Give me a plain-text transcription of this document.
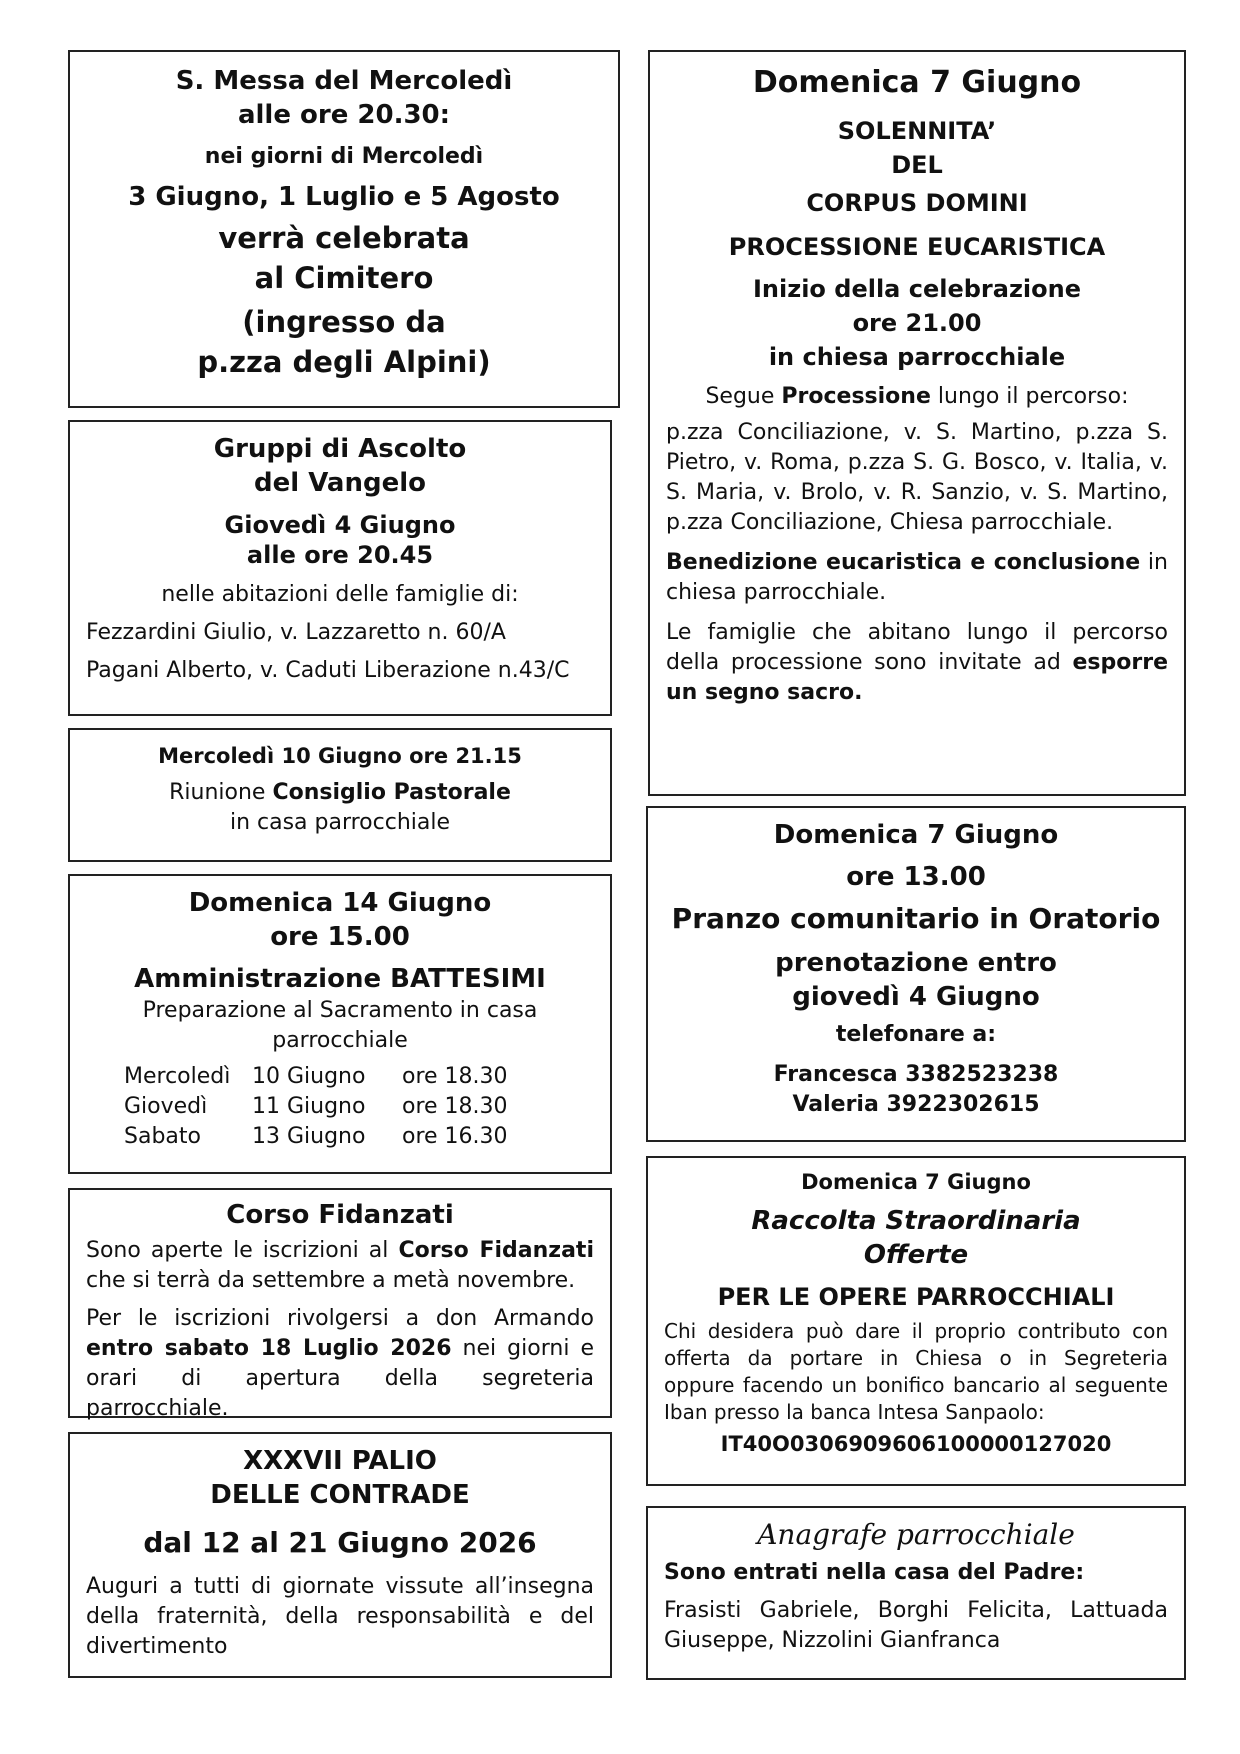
S. Messa del Mercoledì

alle ore 20.30:

nei giorni di Mercoledì

3 Giugno, 1 Luglio e 5 Agosto

verrà celebrata

al Cimitero

(ingresso da

p.zza degli Alpini)

Gruppi di Ascolto

del Vangelo

Giovedì 4 Giugno

alle ore 20.45

nelle abitazioni delle famiglie di:

Fezzardini Giulio, v. Lazzaretto n. 60/A

Pagani Alberto, v. Caduti Liberazione n.43/C

Mercoledì 10 Giugno ore 21.15

Riunione Consiglio Pastorale

in casa parrocchiale

Domenica 14 Giugno

ore 15.00

Amministrazione BATTESIMI

Preparazione al Sacramento in casa parrocchiale

Mercoledì 10 Giugno ore 18.30
Giovedì 11 Giugno ore 18.30
Sabato 13 Giugno ore 16.30

Corso Fidanzati

Sono aperte le iscrizioni al Corso Fidanzati che si terrà da settembre a metà novembre.

Per le iscrizioni rivolgersi a don Armando entro sabato 18 Luglio 2026 nei giorni e orari di apertura della segreteria parrocchiale.

XXXVII PALIO

DELLE CONTRADE

dal 12 al 21 Giugno 2026

Auguri a tutti di giornate vissute all’insegna della fraternità, della responsabilità e del divertimento

Domenica 7 Giugno

SOLENNITA’

DEL

CORPUS DOMINI

PROCESSIONE EUCARISTICA

Inizio della celebrazione

ore 21.00

in chiesa parrocchiale

Segue Processione lungo il percorso:

p.zza Conciliazione, v. S. Martino, p.zza S. Pietro, v. Roma, p.zza S. G. Bosco, v. Italia, v. S. Maria, v. Brolo, v. R. Sanzio, v. S. Martino, p.zza Conciliazione, Chiesa parrocchiale.

Benedizione eucaristica e conclusione in chiesa parrocchiale.

Le famiglie che abitano lungo il percorso della processione sono invitate ad esporre un segno sacro.

Domenica 7 Giugno

ore 13.00

Pranzo comunitario in Oratorio

prenotazione entro

giovedì 4 Giugno

telefonare a:

Francesca 3382523238

Valeria 3922302615

Domenica 7 Giugno

Raccolta Straordinaria

Offerte

PER LE OPERE PARROCCHIALI

Chi desidera può dare il proprio contributo con offerta da portare in Chiesa o in Segreteria oppure facendo un bonifico bancario al seguente Iban presso la banca Intesa Sanpaolo:

IT40O0306909606100000127020

Anagrafe parrocchiale

Sono entrati nella casa del Padre:

Frasisti Gabriele, Borghi Felicita, Lattuada Giuseppe, Nizzolini Gianfranca
